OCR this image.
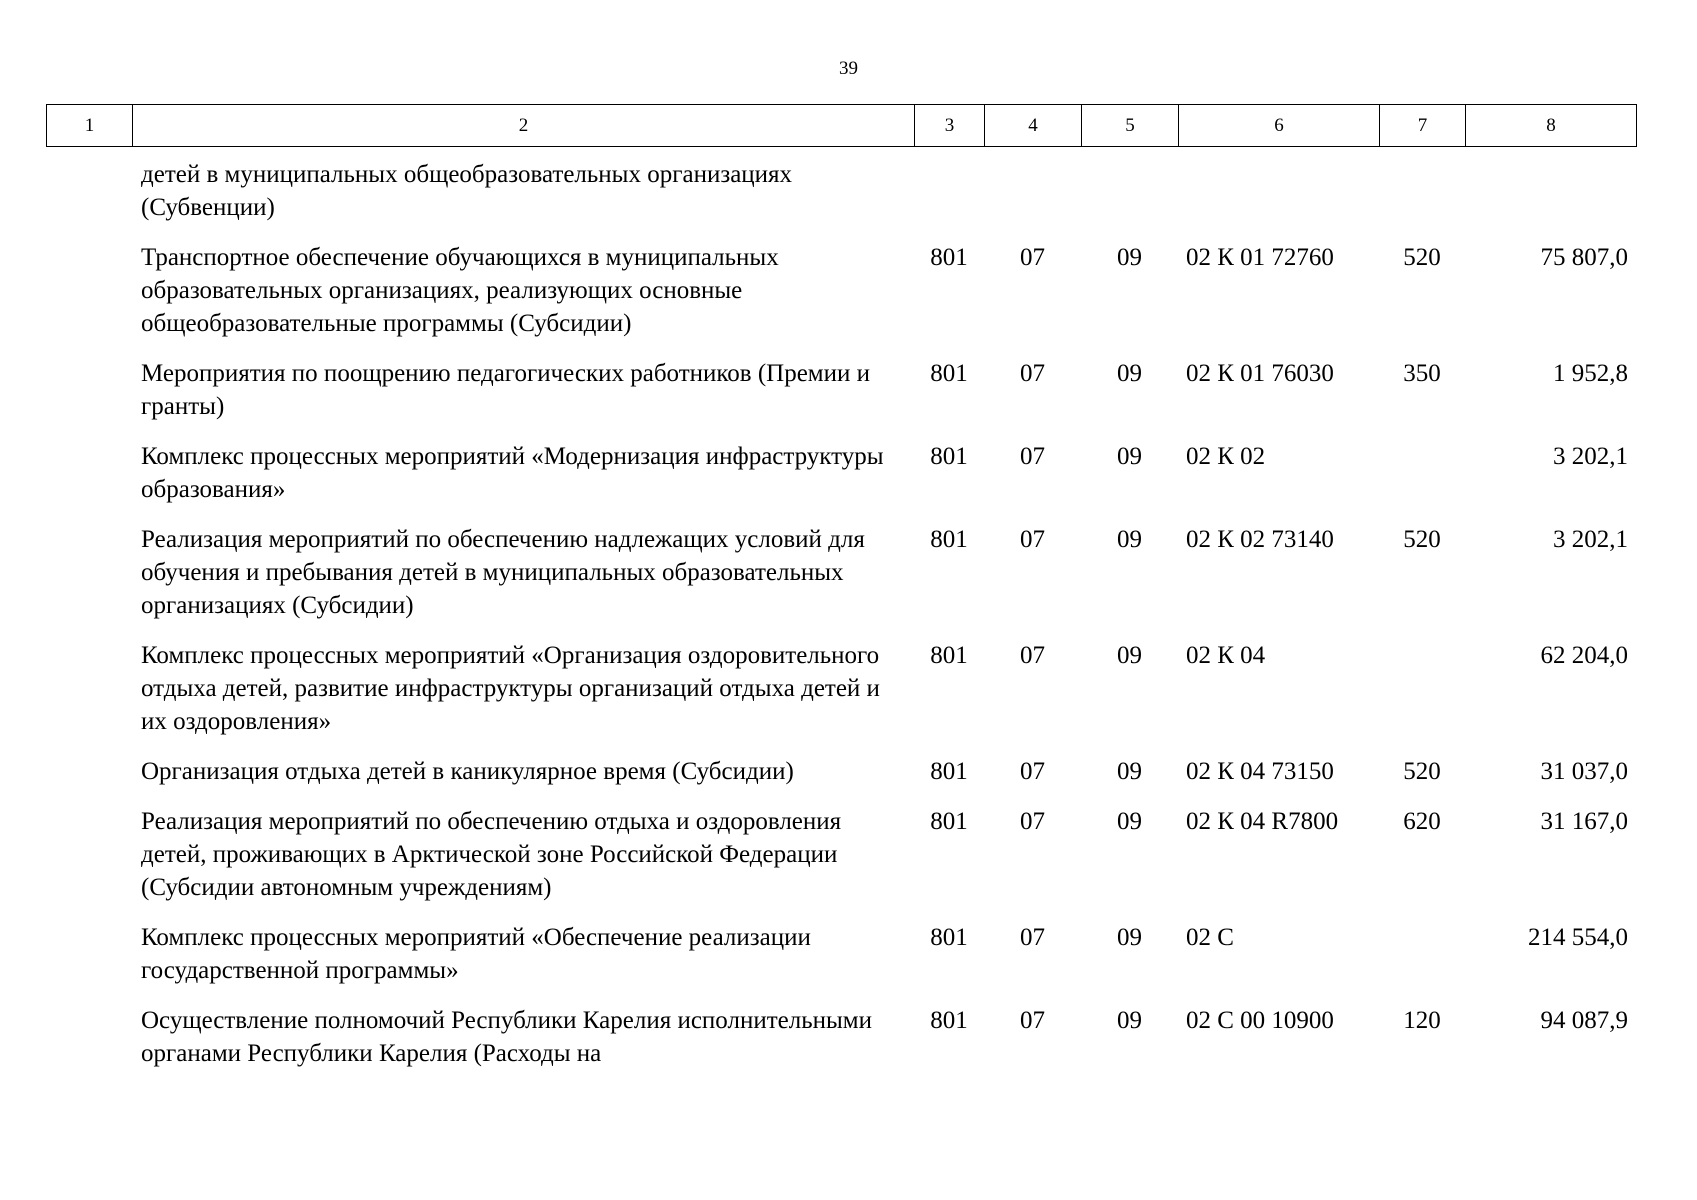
39
1	2	3	4	5	6	7	8
детей в муниципальных общеобразовательных организациях (Субвенции)						
Транспортное обеспечение обучающихся в муниципальных образовательных организациях, реализующих основные общеобразовательные программы (Субсидии)	801	07	09	02 К 01 72760	520	75 807,0
Мероприятия по поощрению педагогических работников (Премии и гранты)	801	07	09	02 К 01 76030	350	1 952,8
Комплекс процессных мероприятий «Модернизация инфраструктуры образования»	801	07	09	02 К 02		3 202,1
Реализация мероприятий по обеспечению надлежащих условий для обучения и пребывания детей в муниципальных образовательных организациях (Субсидии)	801	07	09	02 К 02 73140	520	3 202,1
Комплекс процессных мероприятий «Организация оздоровительного отдыха детей, развитие инфраструктуры организаций отдыха детей и их оздоровления»	801	07	09	02 К 04		62 204,0
Организация отдыха детей в каникулярное время (Субсидии)	801	07	09	02 К 04 73150	520	31 037,0
Реализация мероприятий по обеспечению отдыха и оздоровления детей, проживающих в Арктической зоне Российской Федерации (Субсидии автономным учреждениям)	801	07	09	02 К 04 R7800	620	31 167,0
Комплекс процессных мероприятий «Обеспечение реализации государственной программы»	801	07	09	02 С		214 554,0
Осуществление полномочий Республики Карелия исполнительными органами Республики Карелия (Расходы на	801	07	09	02 С 00 10900	120	94 087,9
